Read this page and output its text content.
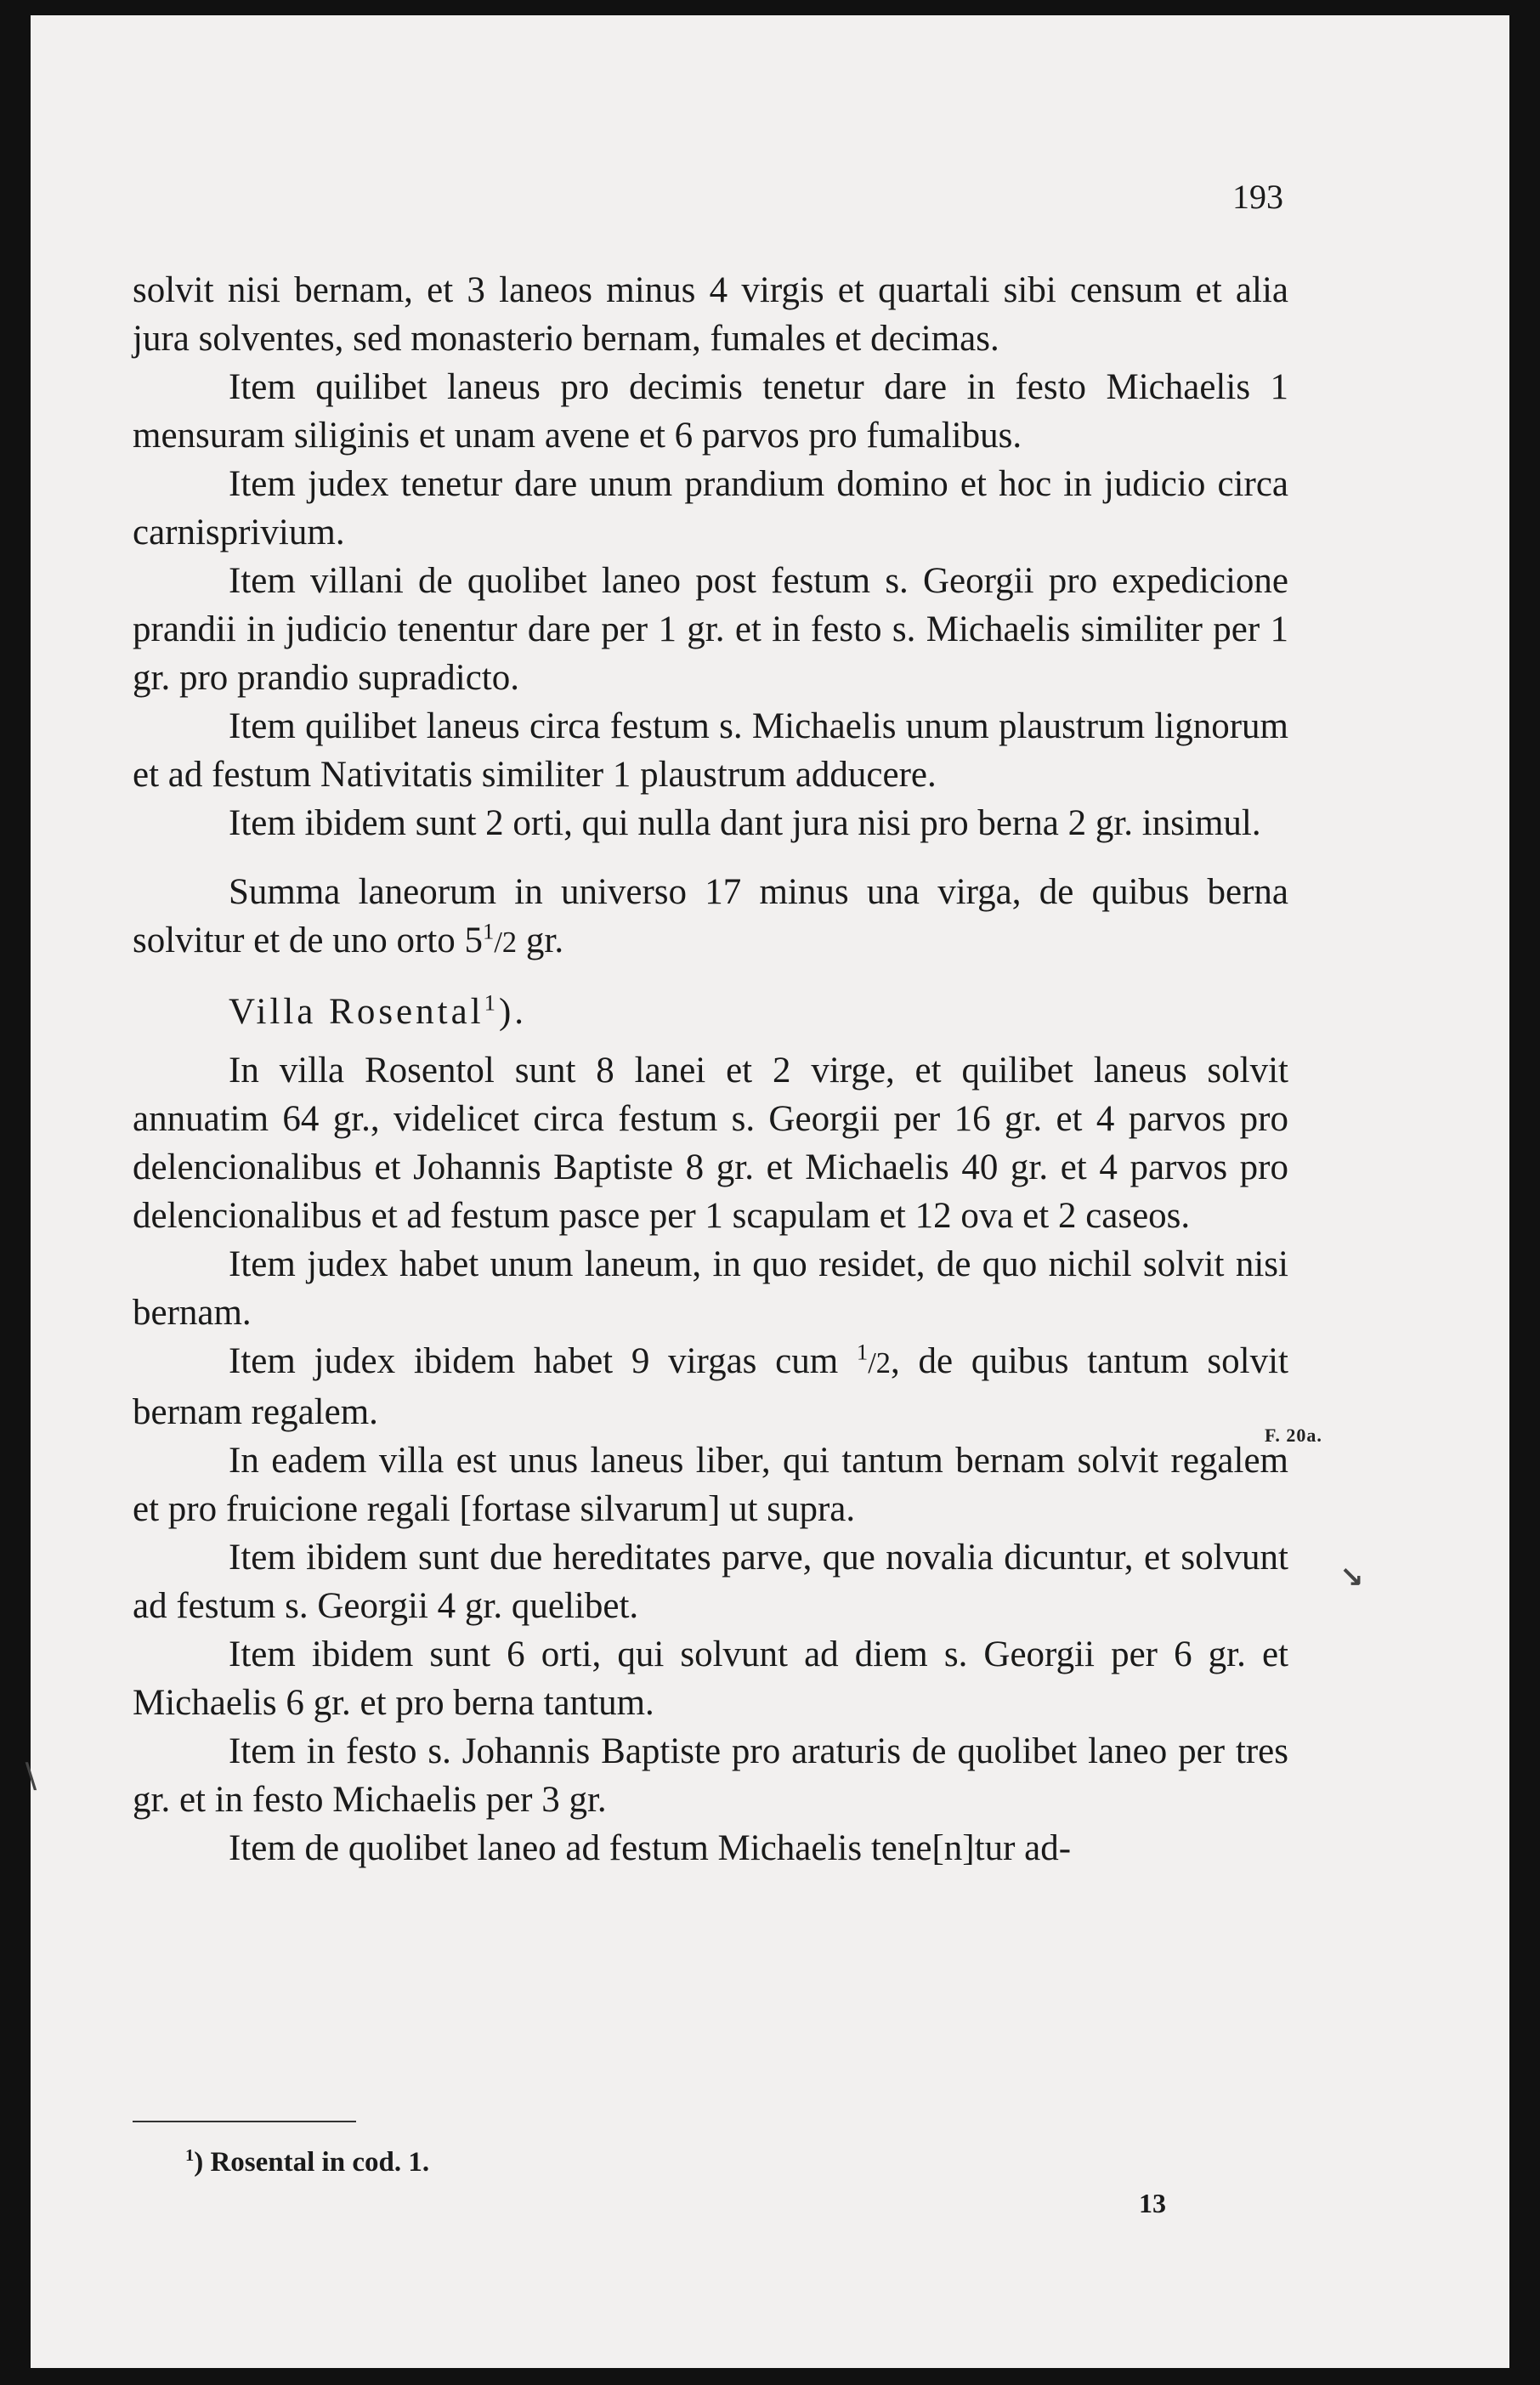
193

solvit nisi bernam, et 3 laneos minus 4 virgis et quartali sibi censum et alia jura solventes, sed monasterio bernam, fumales et decimas.

Item quilibet laneus pro decimis tenetur dare in festo Michaelis 1 mensuram siliginis et unam avene et 6 parvos pro fumalibus.

Item judex tenetur dare unum prandium domino et hoc in judicio circa carnisprivium.

Item villani de quolibet laneo post festum s. Georgii pro expedicione prandii in judicio tenentur dare per 1 gr. et in festo s. Michaelis similiter per 1 gr. pro prandio supradicto.

Item quilibet laneus circa festum s. Michaelis unum plaustrum lignorum et ad festum Nativitatis similiter 1 plaustrum adducere.

Item ibidem sunt 2 orti, qui nulla dant jura nisi pro berna 2 gr. insimul.

Summa laneorum in universo 17 minus una virga, de quibus berna solvitur et de uno orto $5^1/2$ gr.

Villa Rosental$^1$).

In villa Rosentol sunt 8 lanei et 2 virge, et quilibet laneus solvit annuatim 64 gr., videlicet circa festum s. Georgii per 16 gr. et 4 parvos pro delencionalibus et Johannis Baptiste 8 gr. et Michaelis 40 gr. et 4 parvos pro delencionalibus et ad festum pasce per 1 scapulam et 12 ova et 2 caseos.

Item judex habet unum laneum, in quo residet, de quo nichil solvit nisi bernam.

Item judex ibidem habet 9 virgas cum $^1$/2, de quibus tantum solvit bernam regalem.

In eadem villa est unus laneus liber, qui tantum bernam solvit regalem et pro fruicione regali [fortase silvarum] ut supra.

Item ibidem sunt due hereditates parve, que novalia dicuntur, et solvunt ad festum s. Georgii 4 gr. quelibet.

Item ibidem sunt 6 orti, qui solvunt ad diem s. Georgii per 6 gr. et Michaelis 6 gr. et pro berna tantum.

Item in festo s. Johannis Baptiste pro araturis de quolibet laneo per tres gr. et in festo Michaelis per 3 gr.

Item de quolibet laneo ad festum Michaelis tene[n]tur ad-

F. 20a.
$^1$) Rosental in cod. 1.
13
↘
∖
